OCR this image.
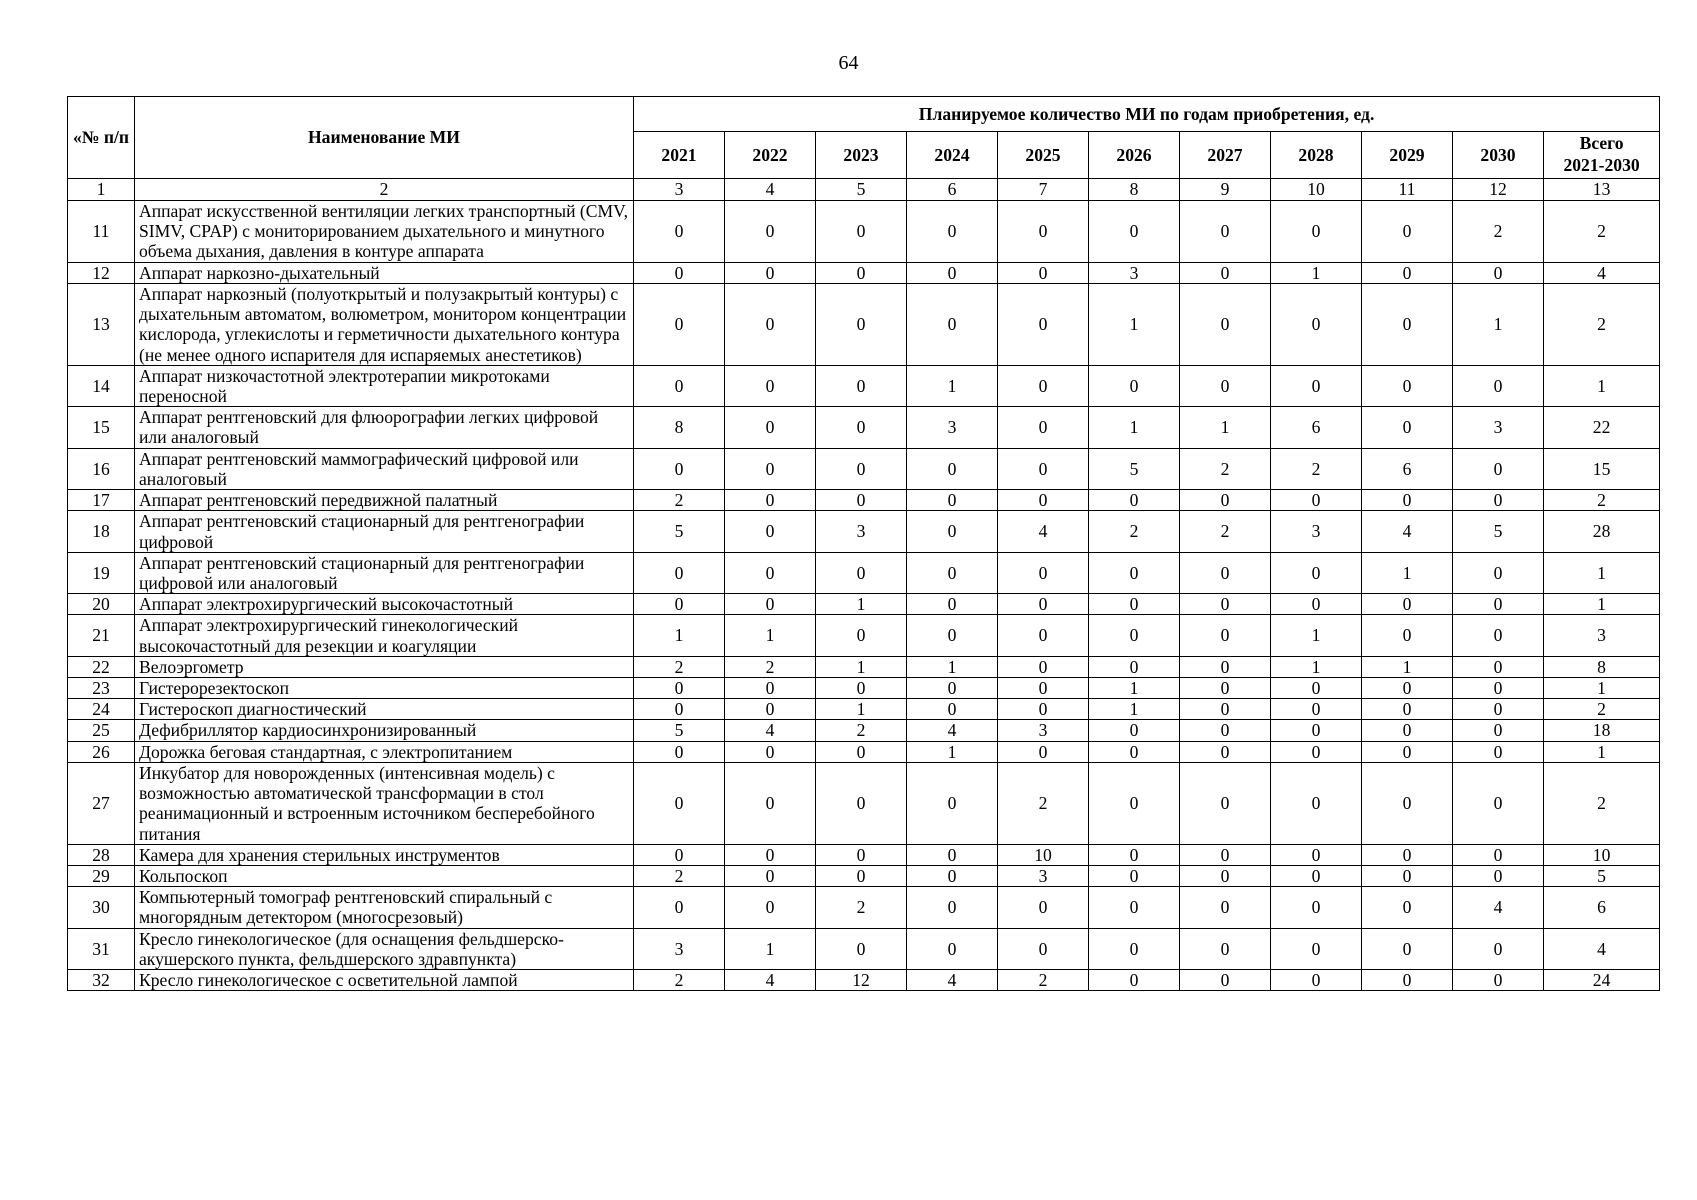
64
«№ п/п	Наименование МИ	Планируемое количество МИ по годам приобретения, ед.										
		2021	2022	2023	2024	2025	2026	2027	2028	2029	2030	Всего
2021-2030
1	2	3	4	5	6	7	8	9	10	11	12	13
11	Аппарат искусственной вентиляции легких транспортный (CMV, SIMV, CPAP) с мониторированием дыхательного и минутного объема дыхания, давления в контуре аппарата	0	0	0	0	0	0	0	0	0	2	2
12	Аппарат наркозно-дыхательный	0	0	0	0	0	3	0	1	0	0	4
13	Аппарат наркозный (полуоткрытый и полузакрытый контуры) с дыхательным автоматом, волюметром, монитором концентрации кислорода, углекислоты и герметичности дыхательного контура (не менее одного испарителя для испаряемых анестетиков)	0	0	0	0	0	1	0	0	0	1	2
14	Аппарат низкочастотной электротерапии микротоками переносной	0	0	0	1	0	0	0	0	0	0	1
15	Аппарат рентгеновский для флюорографии легких цифровой или аналоговый	8	0	0	3	0	1	1	6	0	3	22
16	Аппарат рентгеновский маммографический цифровой или аналоговый	0	0	0	0	0	5	2	2	6	0	15
17	Аппарат рентгеновский передвижной палатный	2	0	0	0	0	0	0	0	0	0	2
18	Аппарат рентгеновский стационарный для рентгенографии цифровой	5	0	3	0	4	2	2	3	4	5	28
19	Аппарат рентгеновский стационарный для рентгенографии цифровой или аналоговый	0	0	0	0	0	0	0	0	1	0	1
20	Аппарат электрохирургический высокочастотный	0	0	1	0	0	0	0	0	0	0	1
21	Аппарат электрохирургический гинекологический высокочастотный для резекции и коагуляции	1	1	0	0	0	0	0	1	0	0	3
22	Велоэргометр	2	2	1	1	0	0	0	1	1	0	8
23	Гистерорезектоскоп	0	0	0	0	0	1	0	0	0	0	1
24	Гистероскоп диагностический	0	0	1	0	0	1	0	0	0	0	2
25	Дефибриллятор кардиосинхронизированный	5	4	2	4	3	0	0	0	0	0	18
26	Дорожка беговая стандартная, с электропитанием	0	0	0	1	0	0	0	0	0	0	1
27	Инкубатор для новорожденных (интенсивная модель) с возможностью автоматической трансформации в стол реанимационный и встроенным источником бесперебойного питания	0	0	0	0	2	0	0	0	0	0	2
28	Камера для хранения стерильных инструментов	0	0	0	0	10	0	0	0	0	0	10
29	Кольпоскоп	2	0	0	0	3	0	0	0	0	0	5
30	Компьютерный томограф рентгеновский спиральный с многорядным детектором (многосрезовый)	0	0	2	0	0	0	0	0	0	4	6
31	Кресло гинекологическое (для оснащения фельдшерско-акушерского пункта, фельдшерского здравпункта)	3	1	0	0	0	0	0	0	0	0	4
32	Кресло гинекологическое с осветительной лампой	2	4	12	4	2	0	0	0	0	0	24
